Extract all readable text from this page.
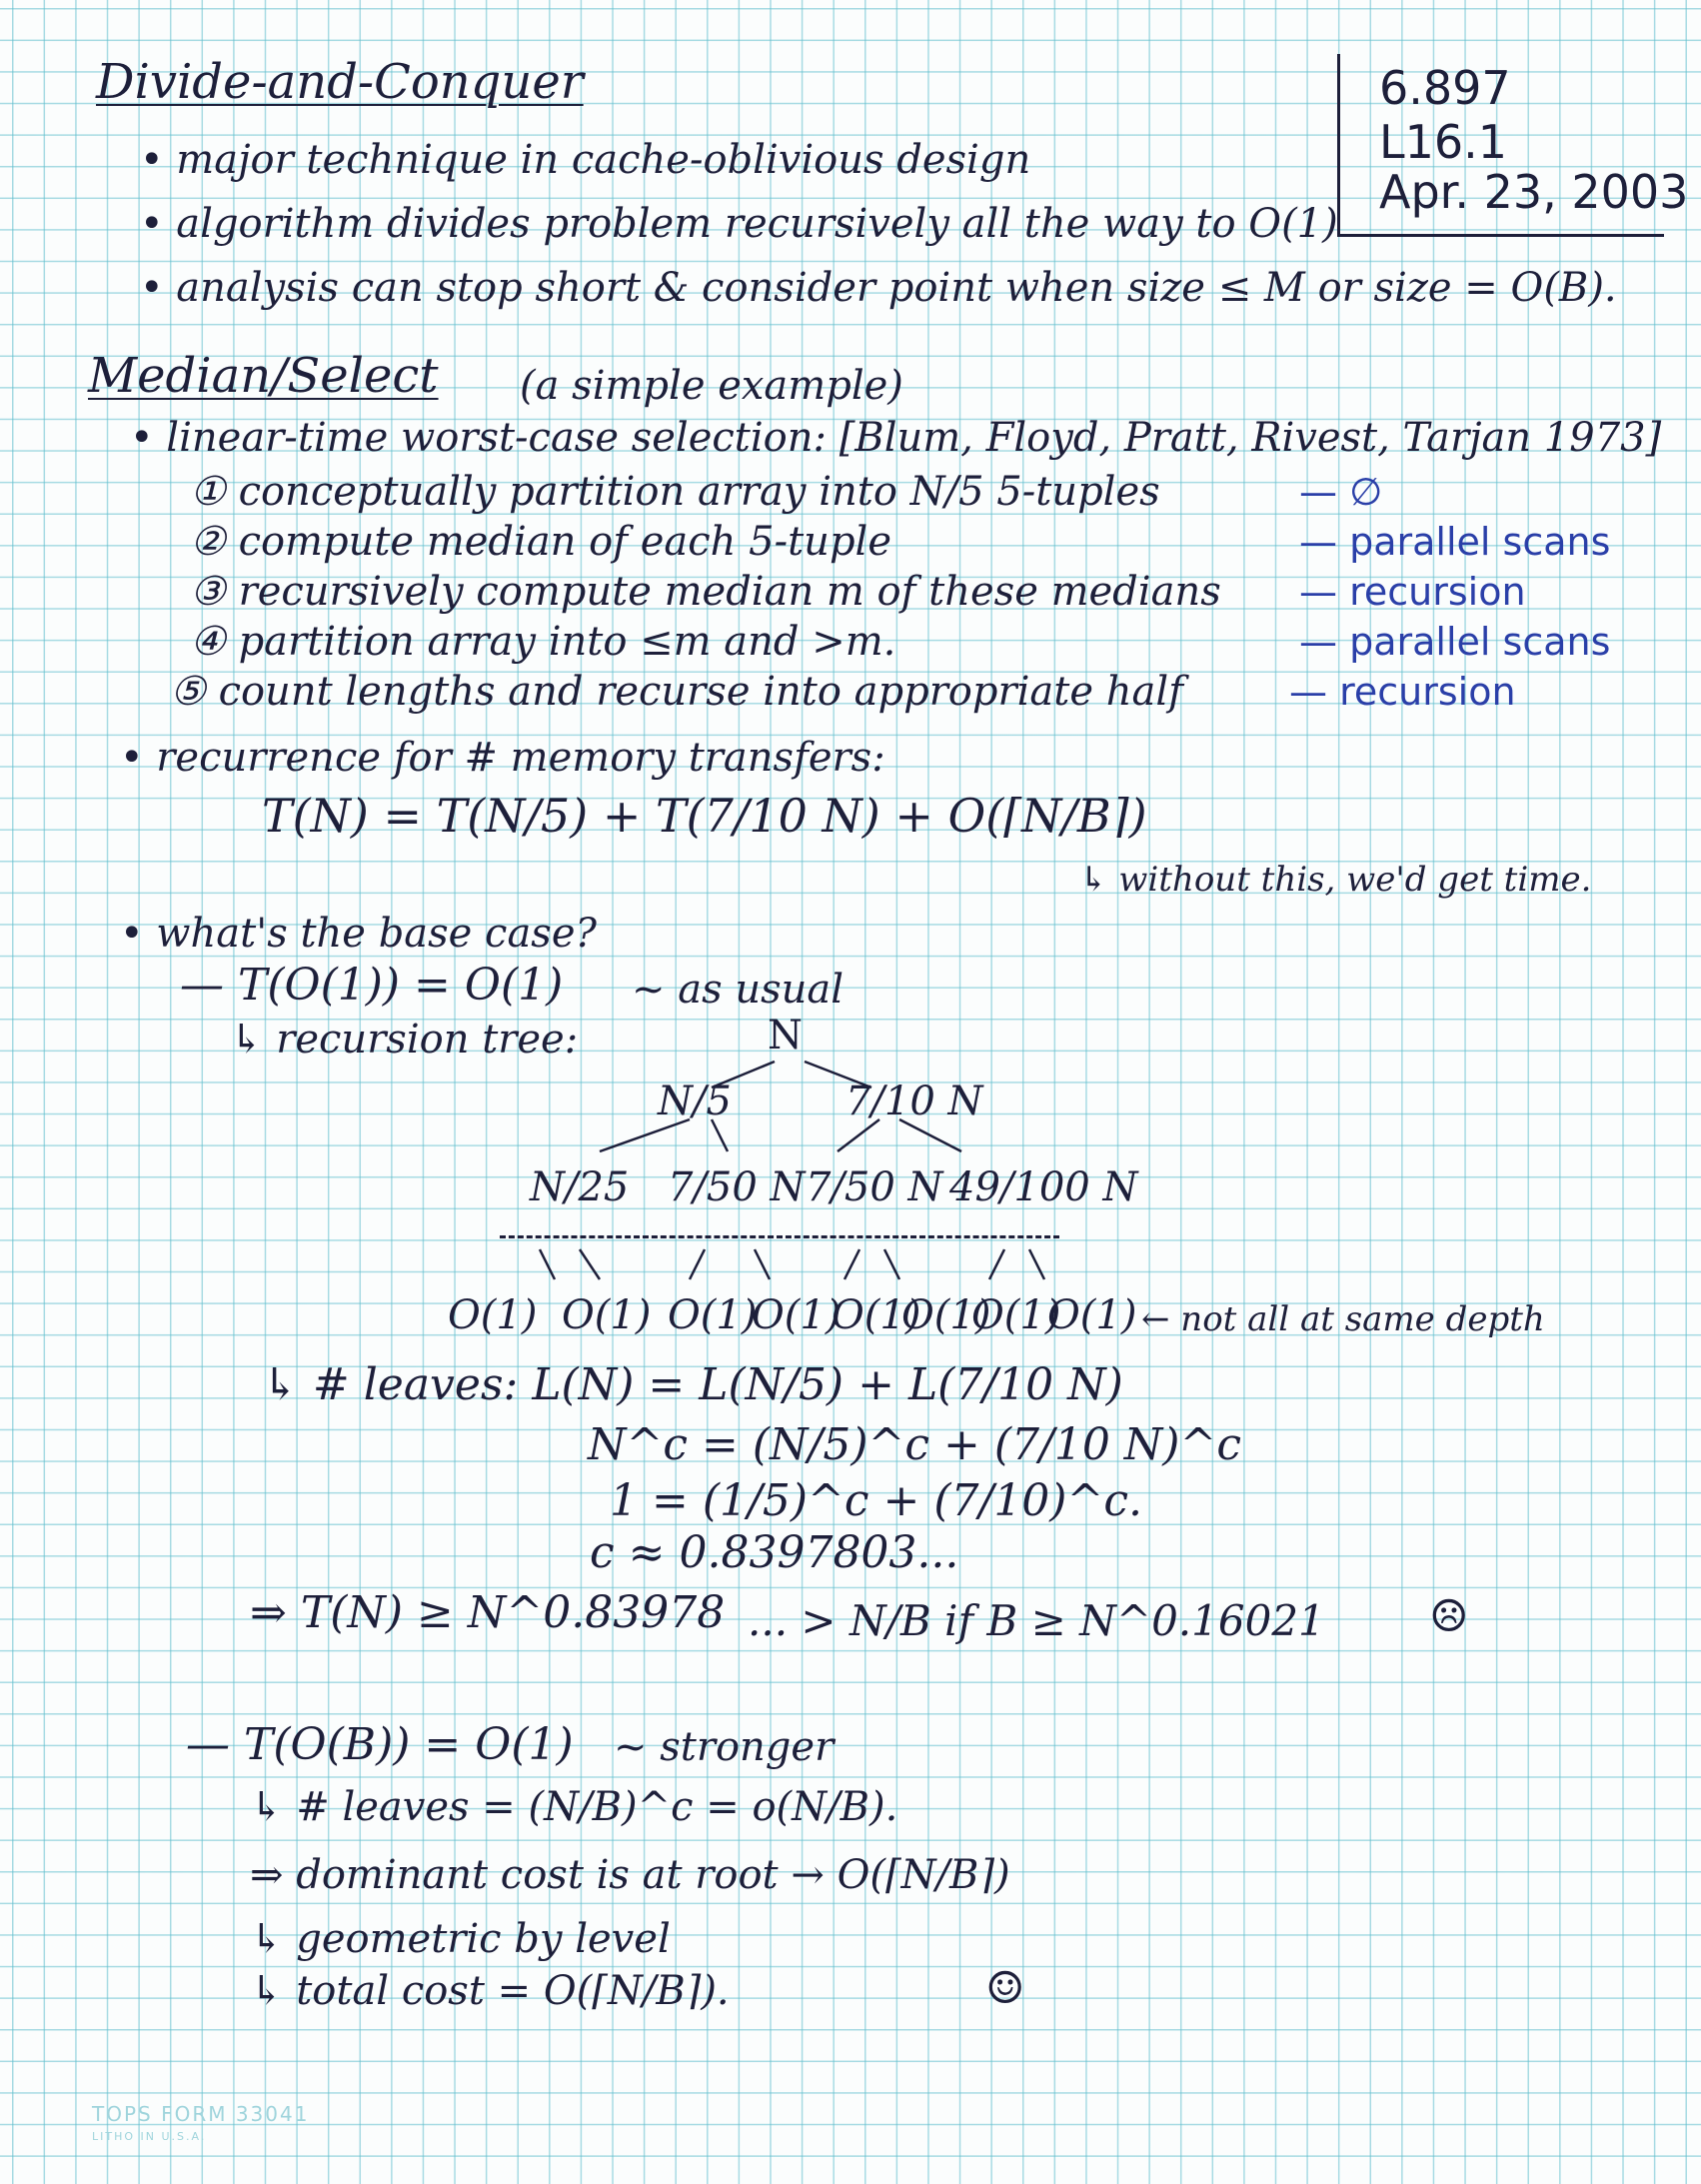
6.897
L16.1
Apr. 23, 2003
Divide-and-Conquer
• major technique in cache-oblivious design
• algorithm divides problem recursively all the way to O(1)
• analysis can stop short & consider point when size ≤ M or size = O(B).
Median/Select (a simple example)
• linear-time worst-case selection: [Blum, Floyd, Pratt, Rivest, Tarjan 1973]
① conceptually partition array into N/5 5-tuples	— ∅
② compute median of each 5-tuple	— parallel scans
③ recursively compute median m of these medians — recursion
④ partition array into ≤m and >m.	— parallel scans
⑤ count lengths and recurse into appropriate half	— recursion
• recurrence for # memory transfers:
T(N) = T(N/5) + T(7/10 N) + O(⌈N/B⌉)
↳ without this, we'd get time.
• what's the base case?
— T(O(1)) = O(1) ~ as usual
↳ recursion tree:	N
N/5	7/10 N
N/25 7/50 N 7/50 N 49/100 N
O(1) O(1) O(1)
O(1)
O(1)
O(1)
O(1)
O(1) ← not all at same depth
↳ # leaves: L(N) = L(N/5) + L(7/10 N)
N^c = (N/5)^c + (7/10 N)^c
1 = (1/5)^c + (7/10)^c.
c ≈ 0.8397803...
⇒ T(N) ≥ N^0.83978 ... > N/B if B ≥ N^0.16021 ☹
— T(O(B)) = O(1) ~ stronger
↳ # leaves = (N/B)^c = o(N/B).
⇒ dominant cost is at root → O(⌈N/B⌉)
↳ geometric by level
↳ total cost = O(⌈N/B⌉).	☺
TOPS FORM 33041
LITHO IN U.S.A.
